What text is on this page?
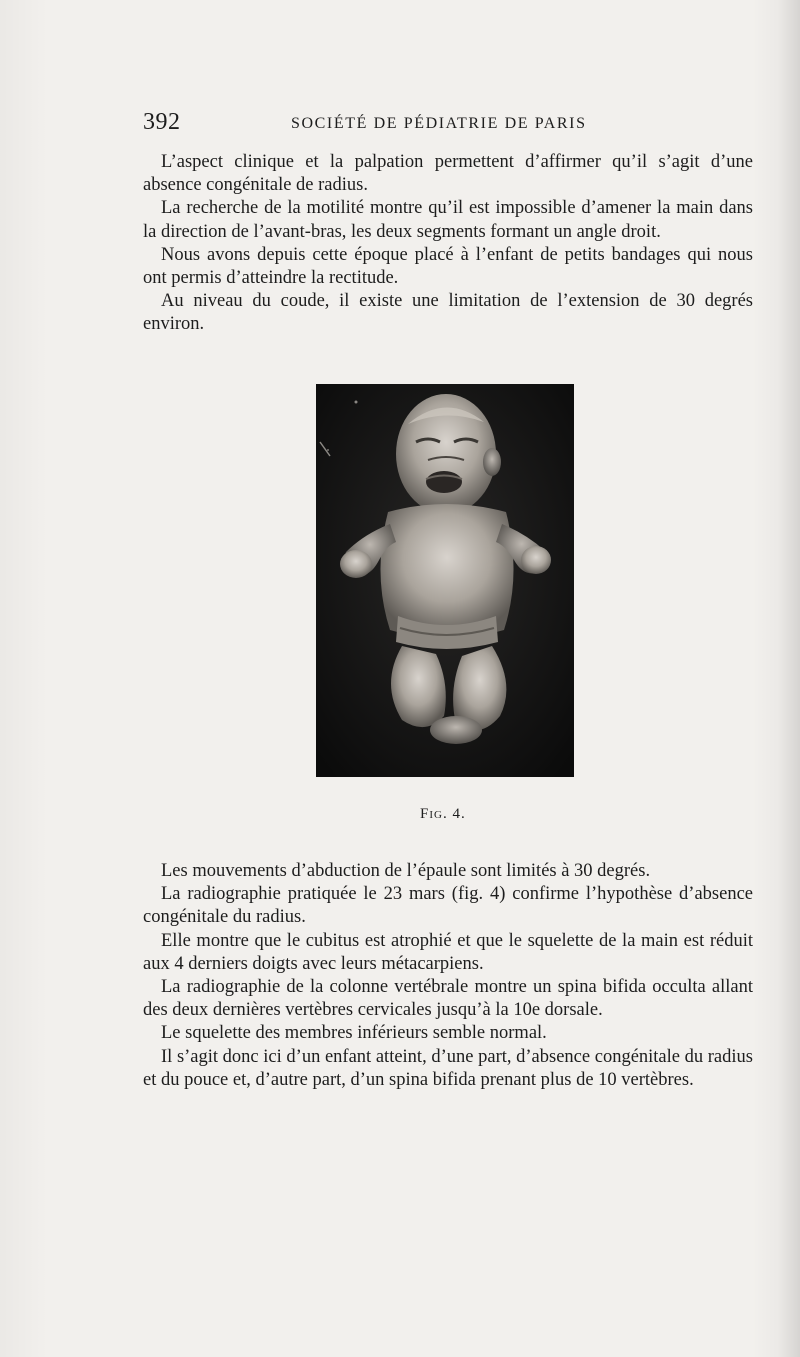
392	SOCIÉTÉ DE PÉDIATRIE DE PARIS

L’aspect clinique et la palpation permettent d’affirmer qu’il s’agit d’une absence congénitale de radius.

La recherche de la motilité montre qu’il est impossible d’amener la main dans la direction de l’avant-bras, les deux segments formant un angle droit.

Nous avons depuis cette époque placé à l’enfant de petits bandages qui nous ont permis d’atteindre la rectitude.

Au niveau du coude, il existe une limitation de l’extension de 30 degrés environ.

Fig. 4.

Les mouvements d’abduction de l’épaule sont limités à 30 degrés.

La radiographie pratiquée le 23 mars (fig. 4) confirme l’hypothèse d’absence congénitale du radius.

Elle montre que le cubitus est atrophié et que le squelette de la main est réduit aux 4 derniers doigts avec leurs métacarpiens.

La radiographie de la colonne vertébrale montre un spina bifida occulta allant des deux dernières vertèbres cervicales jusqu’à la 10e dorsale.

Le squelette des membres inférieurs semble normal.

Il s’agit donc ici d’un enfant atteint, d’une part, d’absence congénitale du radius et du pouce et, d’autre part, d’un spina bifida prenant plus de 10 vertèbres.
